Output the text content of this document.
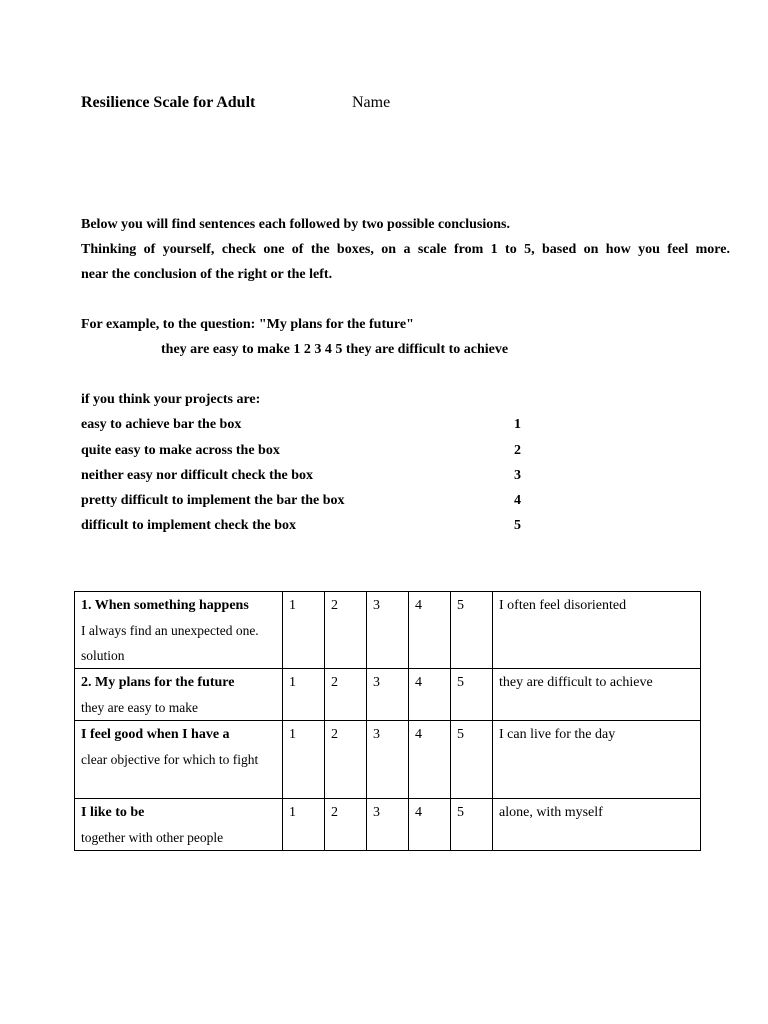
Resilience Scale for Adult	Name

Below you will find sentences each followed by two possible conclusions.

Thinking of yourself, check one of the boxes, on a scale from 1 to 5, based on how you feel more.

near the conclusion of the right or the left.

For example, to the question: "My plans for the future"

they are easy to make 1 2 3 4 5 they are difficult to achieve

if you think your projects are:

easy to achieve bar the box	1
quite easy to make across the box	2
neither easy nor difficult check the box	3
pretty difficult to implement the bar the box	4
difficult to implement check the box	5
1. When something happens
I always find an unexpected one. solution	1	2	3	4	5	I often feel disoriented

2. My plans for the future
they are easy to make	1	2	3	4	5	they are difficult to achieve

I feel good when I have a
clear objective for which to fight	1	2	3	4	5	I can live for the day

I like to be
together with other people	1	2	3	4	5	alone, with myself
